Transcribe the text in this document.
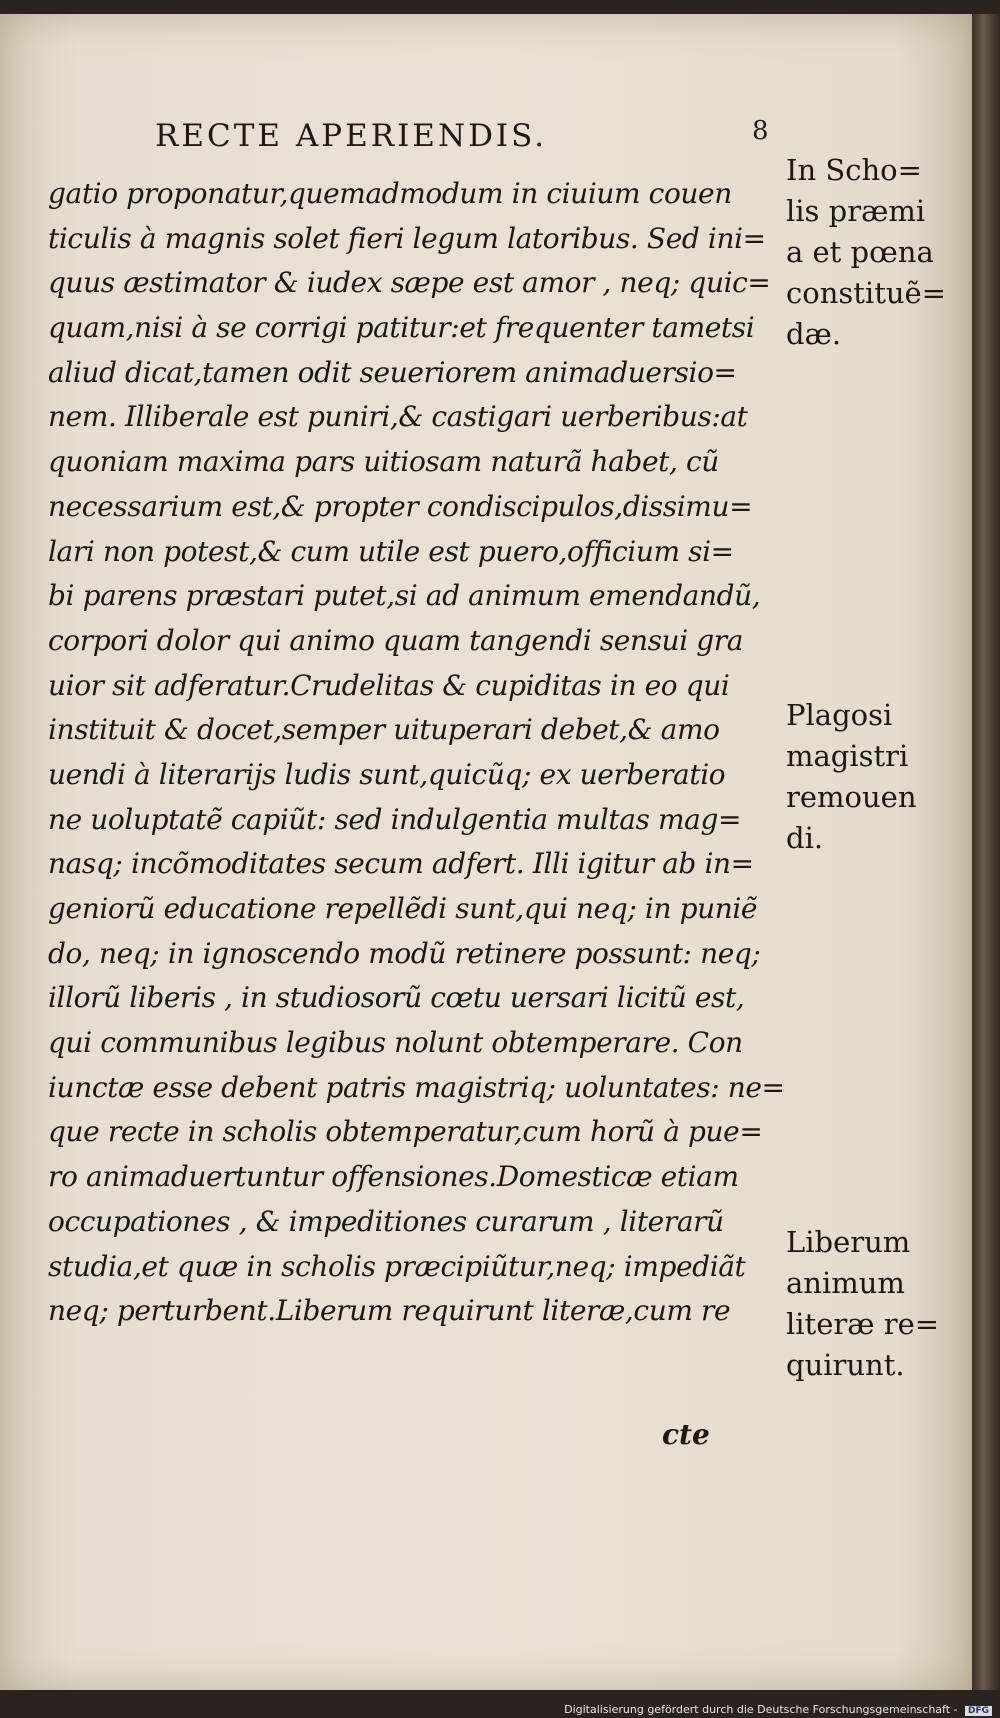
RECTE APERIENDIS.	8
gatio proponatur,quemadmodum in ciuium couen
ticulis à magnis solet fieri legum latoribus. Sed ini=
quus æstimator & iudex sæpe est amor , neq; quic=
quam,nisi à se corrigi patitur:et frequenter tametsi
aliud dicat,tamen odit seueriorem animaduersio=
nem. Illiberale est puniri,& castigari uerberibus:at
quoniam maxima pars uitiosam naturã habet, cũ
necessarium est,& propter condiscipulos,dissimu=
lari non potest,& cum utile est puero,officium si=
bi parens præstari putet,si ad animum emendandũ,
corpori dolor qui animo quam tangendi sensui gra
uior sit adferatur.Crudelitas & cupiditas in eo qui
instituit & docet,semper uituperari debet,& amo
uendi à literarijs ludis sunt,quicũq; ex uerberatio
ne uoluptatẽ capiũt: sed indulgentia multas mag=
nasq; incõmoditates secum adfert. Illi igitur ab in=
geniorũ educatione repellẽdi sunt,qui neq; in puniẽ
do, neq; in ignoscendo modũ retinere possunt: neq;
illorũ liberis , in studiosorũ cœtu uersari licitũ est,
qui communibus legibus nolunt obtemperare. Con
iunctæ esse debent patris magistriq; uoluntates: ne=
que recte in scholis obtemperatur,cum horũ à pue=
ro animaduertuntur offensiones.Domesticæ etiam
occupationes , & impeditiones curarum , literarũ
studia,et quæ in scholis præcipiũtur,neq; impediãt
neq; perturbent.Liberum requirunt literæ,cum re
cte
In Scho=
lis præmi
a et pœna
constituẽ=
dæ.
Plagosi
magistri
remouen
di.
Liberum
animum
literæ re=
quirunt.
Digitalisierung gefördert durch die Deutsche Forschungsgemeinschaft - DFG
